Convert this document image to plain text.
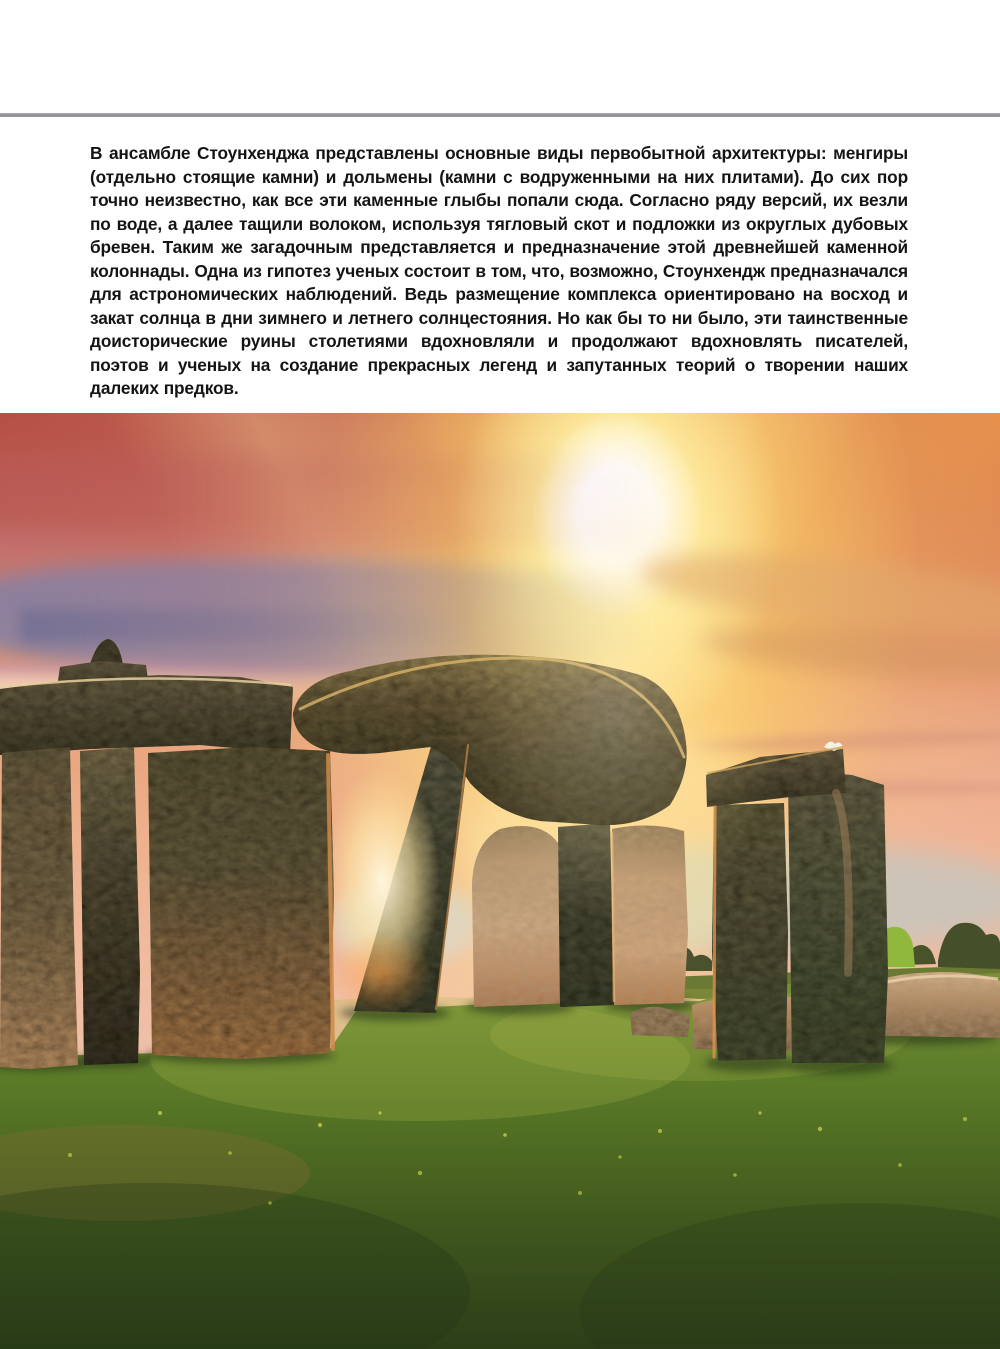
В ансамбле Стоунхенджа представлены основные виды первобытной архитектуры: менгиры (отдельно стоящие камни) и дольмены (камни с водруженными на них плитами). До сих пор точно неизвестно, как все эти каменные глыбы попали сюда. Согласно ряду версий, их везли по воде, а далее тащили волоком, используя тягловый скот и подложки из округлых дубовых бревен. Таким же загадочным представляется и предназначение этой древнейшей каменной колоннады. Одна из гипотез ученых состоит в том, что, возможно, Стоунхендж предназначался для астрономических наблюдений. Ведь размещение комплекса ориентировано на восход и закат солнца в дни зимнего и летнего солнцестояния. Но как бы то ни было, эти таинственные доисторические руины столетиями вдохновляли и продолжают вдохновлять писателей, поэтов и ученых на создание прекрасных легенд и запутанных теорий о творении наших далеких предков.
